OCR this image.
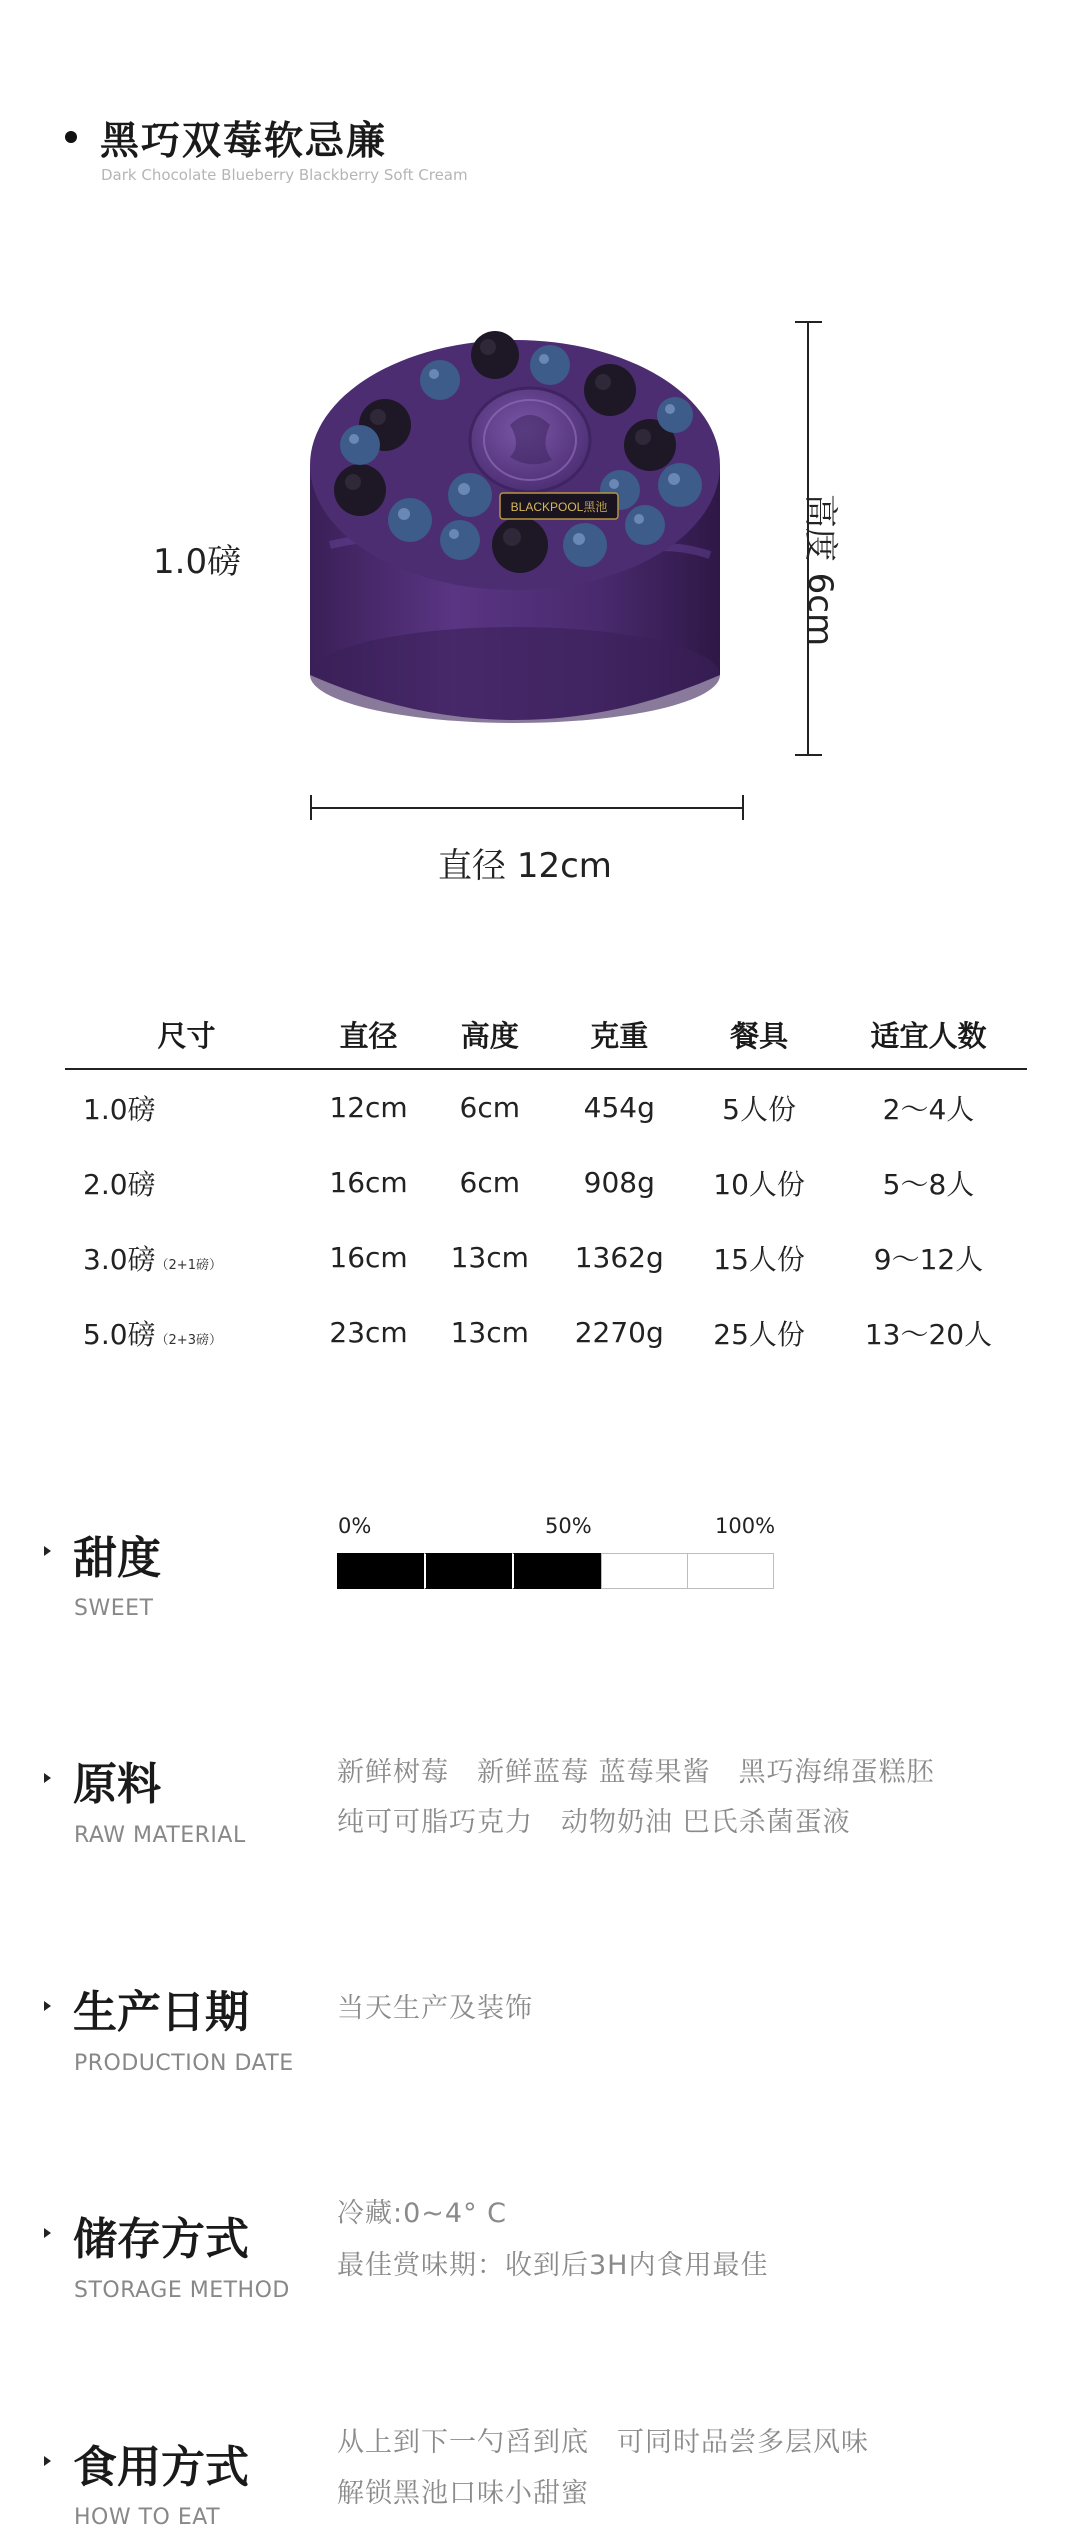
黑巧双莓软忌廉
Dark Chocolate Blueberry Blackberry Soft Cream
BLACKPOOL黑池
1.0磅	高度 6cm
直径 12cm
尺寸	直径	高度	克重	餐具	适宜人数
1.0磅	12cm	6cm	454g	5人份	2～4人
2.0磅	16cm	6cm	908g	10人份	5～8人
3.0磅（2+1磅）	16cm	13cm	1362g	15人份	9～12人
5.0磅（2+3磅）	23cm	13cm	2270g	25人份	13～20人
甜度
SWEET
0%	50%	100%
原料
RAW MATERIAL
新鲜树莓　新鲜蓝莓 蓝莓果酱　黑巧海绵蛋糕胚
纯可可脂巧克力　动物奶油 巴氏杀菌蛋液
生产日期
PRODUCTION DATE
当天生产及装饰
储存方式
STORAGE METHOD
冷藏:0~4° C
最佳赏味期：收到后3H内食用最佳
食用方式
HOW TO EAT
从上到下一勺舀到底　可同时品尝多层风味
解锁黑池口味小甜蜜
